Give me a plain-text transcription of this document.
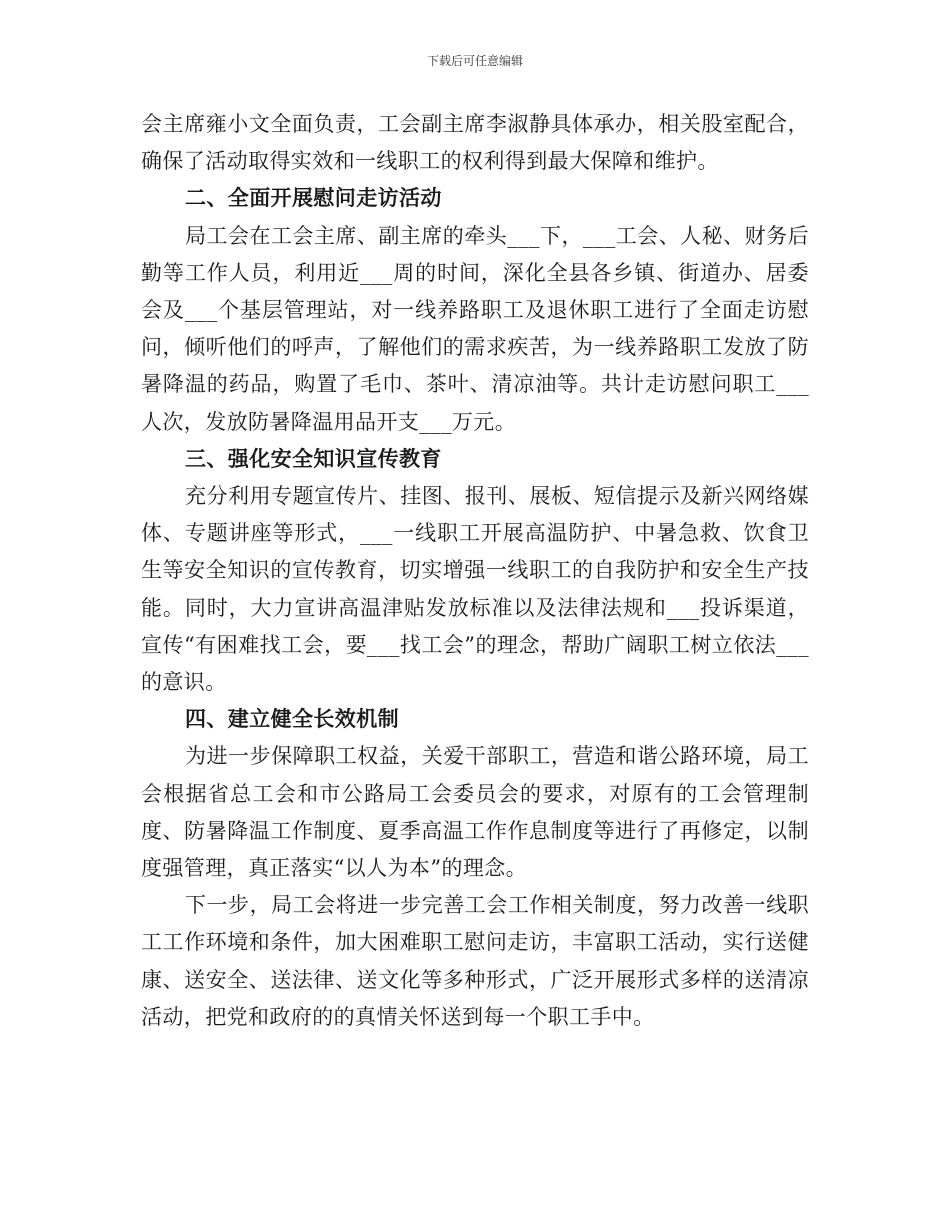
下载后可任意编辑

会主席雍小文全面负责，工会副主席李淑静具体承办，相关股室配合，确保了活动取得实效和一线职工的权利得到最大保障和维护。

二、全面开展慰问走访活动

局工会在工会主席、副主席的牵头___下，___工会、人秘、财务后勤等工作人员，利用近___周的时间，深化全县各乡镇、街道办、居委会及___个基层管理站，对一线养路职工及退休职工进行了全面走访慰问，倾听他们的呼声，了解他们的需求疾苦，为一线养路职工发放了防暑降温的药品，购置了毛巾、茶叶、清凉油等。共计走访慰问职工___人次，发放防暑降温用品开支___万元。

三、强化安全知识宣传教育

充分利用专题宣传片、挂图、报刊、展板、短信提示及新兴网络媒体、专题讲座等形式，___一线职工开展高温防护、中暑急救、饮食卫生等安全知识的宣传教育，切实增强一线职工的自我防护和安全生产技能。同时，大力宣讲高温津贴发放标准以及法律法规和___投诉渠道，宣传“有困难找工会，要___找工会”的理念，帮助广阔职工树立依法___的意识。

四、建立健全长效机制

为进一步保障职工权益，关爱干部职工，营造和谐公路环境，局工会根据省总工会和市公路局工会委员会的要求，对原有的工会管理制度、防暑降温工作制度、夏季高温工作作息制度等进行了再修定，以制度强管理，真正落实“以人为本”的理念。

下一步，局工会将进一步完善工会工作相关制度，努力改善一线职工工作环境和条件，加大困难职工慰问走访，丰富职工活动，实行送健康、送安全、送法律、送文化等多种形式，广泛开展形式多样的送清凉活动，把党和政府的的真情关怀送到每一个职工手中。
